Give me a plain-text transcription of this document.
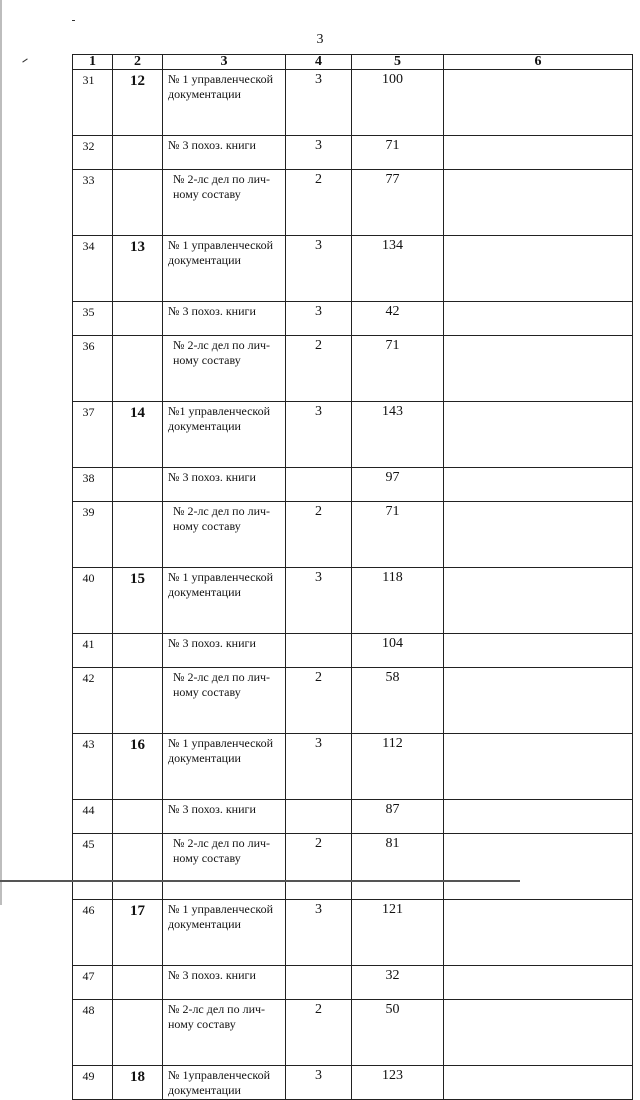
3
1	2	3	4	5	6
31	12	№ 1 управленческой документации	3	100	
32		№ 3 похоз. книги	3	71	
33		№ 2-лс дел по лич-ному составу	2	77	
34	13	№ 1 управленческой документации	3	134	
35		№ 3 похоз. книги	3	42	
36		№ 2-лс дел по лич-ному составу	2	71	
37	14	№1 управленческой документации	3	143	
38		№ 3 похоз. книги		97	
39		№ 2-лс дел по лич-ному составу	2	71	
40	15	№ 1 управленческой документации	3	118	
41		№ 3 похоз. книги		104	
42		№ 2-лс дел по лич-ному составу	2	58	
43	16	№ 1 управленческой документации	3	112	
44		№ 3 похоз. книги		87	
45		№ 2-лс дел по лич-ному составу	2	81	
46	17	№ 1 управленческой документации	3	121	
47		№ 3 похоз. книги		32	
48		№ 2-лс дел по лич-ному составу	2	50	
49	18	№ 1управленческой документации	3	123	
